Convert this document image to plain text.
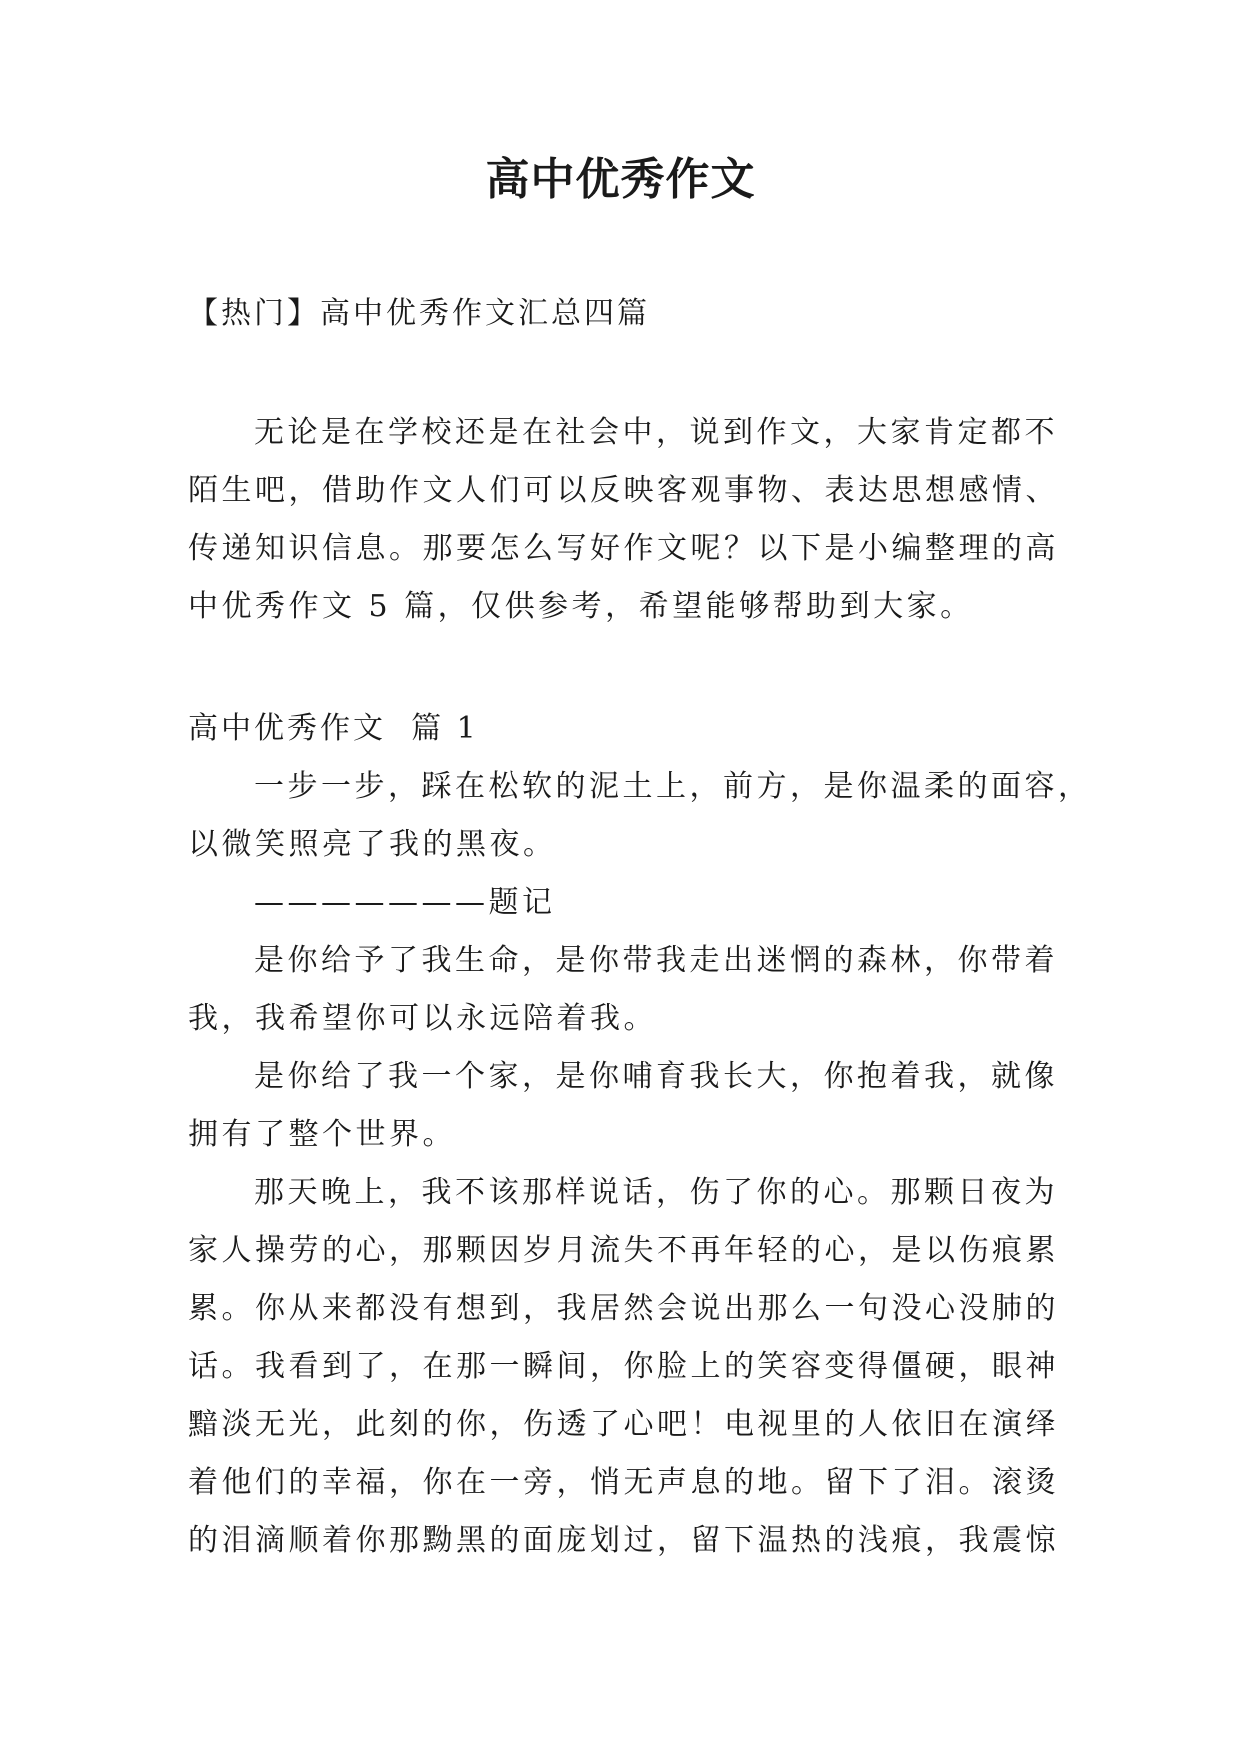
高中优秀作文
【热门】高中优秀作文汇总四篇
无论是在学校还是在社会中，说到作文，大家肯定都不
陌生吧，借助作文人们可以反映客观事物、表达思想感情、
传递知识信息。那要怎么写好作文呢？以下是小编整理的高
中优秀作文 5 篇，仅供参考，希望能够帮助到大家。
高中优秀作文  篇 1
一步一步，踩在松软的泥土上，前方，是你温柔的面容，
以微笑照亮了我的黑夜。
———————题记
是你给予了我生命，是你带我走出迷惘的森林，你带着
我，我希望你可以永远陪着我。
是你给了我一个家，是你哺育我长大，你抱着我，就像
拥有了整个世界。
那天晚上，我不该那样说话，伤了你的心。那颗日夜为
家人操劳的心，那颗因岁月流失不再年轻的心，是以伤痕累
累。你从来都没有想到，我居然会说出那么一句没心没肺的
话。我看到了，在那一瞬间，你脸上的笑容变得僵硬，眼神
黯淡无光，此刻的你，伤透了心吧！电视里的人依旧在演绎
着他们的幸福，你在一旁，悄无声息的地。留下了泪。滚烫
的泪滴顺着你那黝黑的面庞划过，留下温热的浅痕，我震惊
